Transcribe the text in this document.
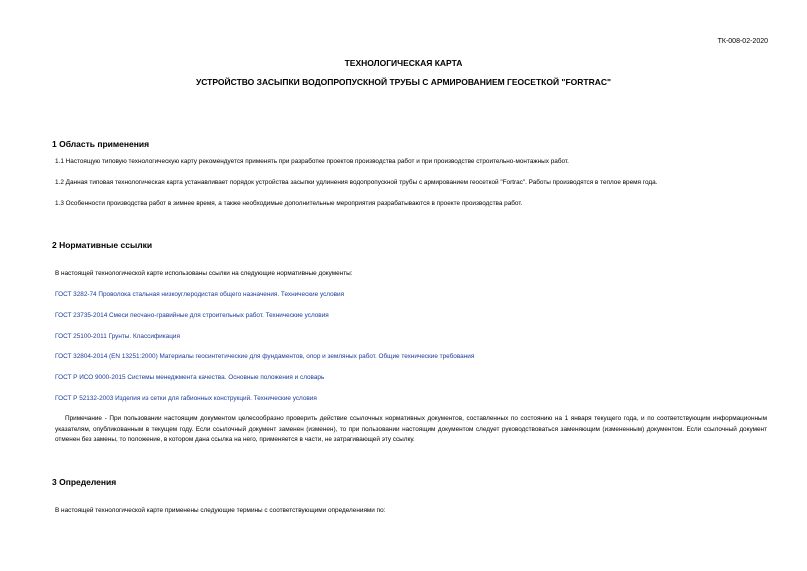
ТК-008-02-2020
ТЕХНОЛОГИЧЕСКАЯ КАРТА
УСТРОЙСТВО ЗАСЫПКИ ВОДОПРОПУСКНОЙ ТРУБЫ С АРМИРОВАНИЕМ ГЕОСЕТКОЙ "FORTRAC"
1 Область применения
1.1 Настоящую типовую технологическую карту рекомендуется применять при разработке проектов производства работ и при производстве строительно-монтажных работ.
1.2 Данная типовая технологическая карта устанавливает порядок устройства засыпки удлинения водопропускной трубы с армированием геосеткой "Fortrac". Работы производятся в теплое время года.
1.3 Особенности производства работ в зимнее время, а также необходимые дополнительные мероприятия разрабатываются в проекте производства работ.
2 Нормативные ссылки
В настоящей технологической карте использованы ссылки на следующие нормативные документы:
ГОСТ 3282-74 Проволока стальная низкоуглеродистая общего назначения. Технические условия
ГОСТ 23735-2014 Смеси песчано-гравийные для строительных работ. Технические условия
ГОСТ 25100-2011 Грунты. Классификация
ГОСТ 32804-2014 (EN 13251:2000) Материалы геосинтетические для фундаментов, опор и земляных работ. Общие технические требования
ГОСТ Р ИСО 9000-2015 Системы менеджмента качества. Основные положения и словарь
ГОСТ Р 52132-2003 Изделия из сетки для габионных конструкций. Технические условия
Примечание - При пользовании настоящим документом целесообразно проверить действие ссылочных нормативных документов, составленных по состоянию на 1 января текущего года, и по соответствующим информационным указателям, опубликованным в текущем году. Если ссылочный документ заменен (изменен), то при пользовании настоящим документом следует руководствоваться заменяющим (измененным) документом. Если ссылочный документ отменен без замены, то положение, в котором дана ссылка на него, применяется в части, не затрагивающей эту ссылку.
3 Определения
В настоящей технологической карте применены следующие термины с соответствующими определениями по:
